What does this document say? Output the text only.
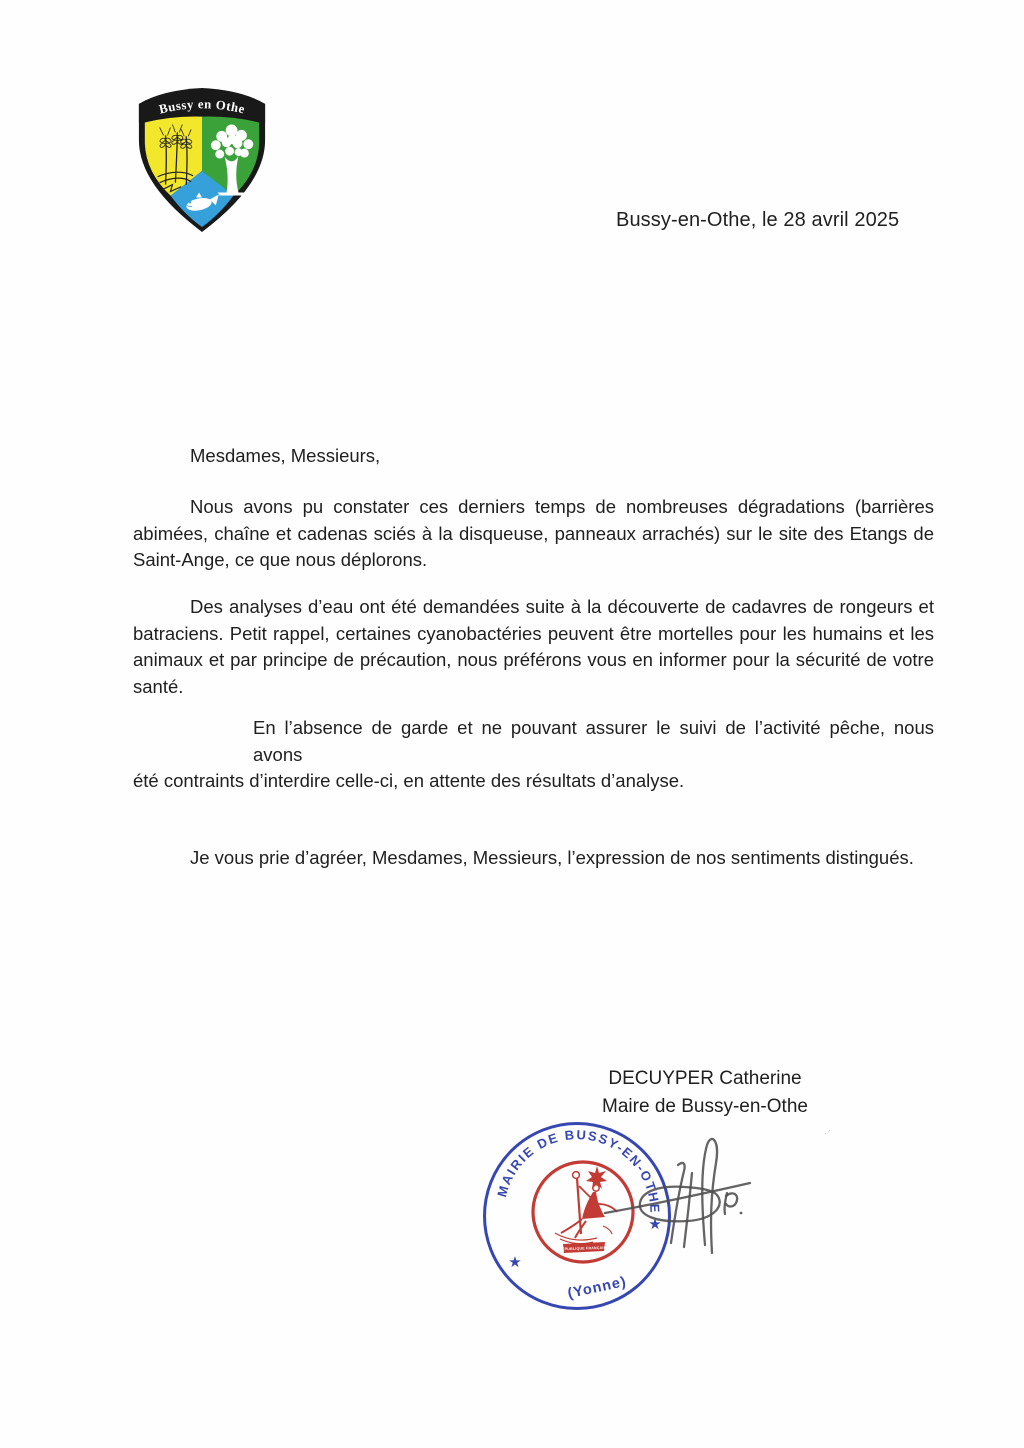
Bussy en Othe
Bussy-en-Othe, le 28 avril 2025
Mesdames, Messieurs,
Nous avons pu constater ces derniers temps de nombreuses dégradations (barrières
abimées, chaîne et cadenas sciés à la disqueuse, panneaux arrachés) sur le site des Etangs de
Saint-Ange, ce que nous déplorons.
Des analyses d’eau ont été demandées suite à la découverte de cadavres de rongeurs et
batraciens. Petit rappel, certaines cyanobactéries peuvent être mortelles pour les humains et les
animaux et par principe de précaution, nous préférons vous en informer pour la sécurité de votre
santé.
En l’absence de garde et ne pouvant assurer le suivi de l’activité pêche, nous avons
été contraints d’interdire celle-ci, en attente des résultats d’analyse.
Je vous prie d’agréer, Mesdames, Messieurs, l’expression de nos sentiments distingués.
DECUYPER Catherine
Maire de Bussy-en-Othe
MAIRIE DE BUSSY-EN-OTHE
(Yonne)
★
★
RÉPUBLIQUE FRANÇAISE
·’
